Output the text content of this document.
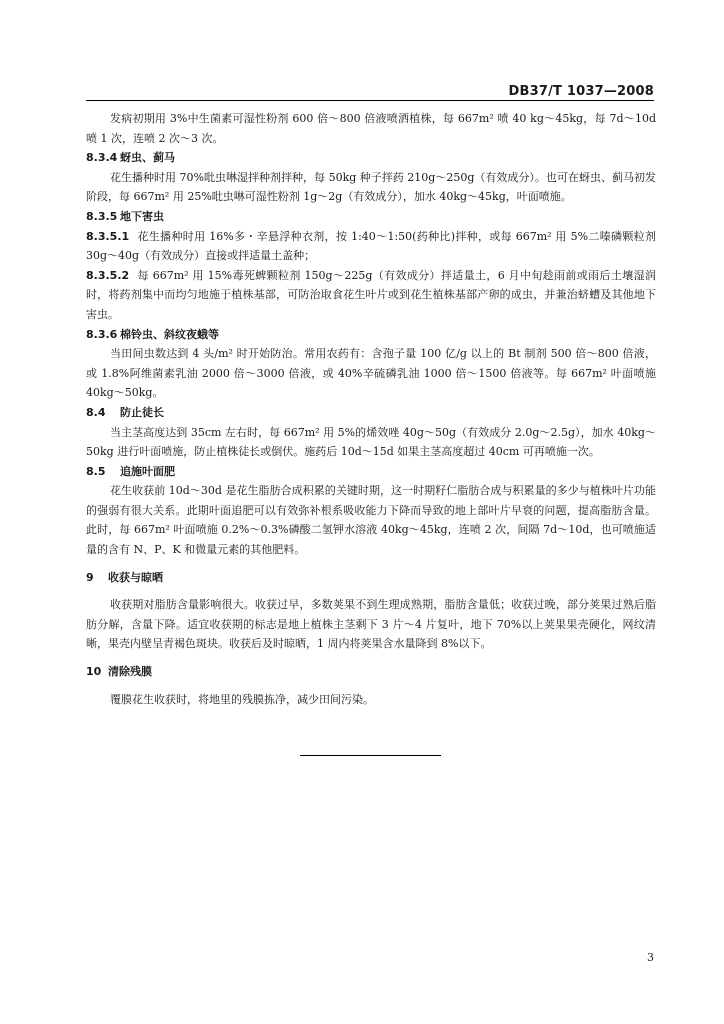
DB37/T 1037—2008

发病初期用 3%中生菌素可湿性粉剂 600 倍～800 倍液喷洒植株，每 667m² 喷 40 kg～45kg，每 7d～10d 喷 1 次，连喷 2 次～3 次。

8.3.4 蚜虫、蓟马

花生播种时用 70%吡虫啉湿拌种剂拌种，每 50kg 种子拌药 210g～250g（有效成分）。也可在蚜虫、蓟马初发阶段，每 667m² 用 25%吡虫啉可湿性粉剂 1g～2g（有效成分），加水 40kg～45kg，叶面喷施。

8.3.5 地下害虫

8.3.5.1 花生播种时用 16%多・辛悬浮种衣剂，按 1:40～1:50(药种比)拌种，或每 667m² 用 5%二嗪磷颗粒剂 30g～40g（有效成分）直接或拌适量土盖种；

8.3.5.2 每 667m² 用 15%毒死蜱颗粒剂 150g～225g（有效成分）拌适量土，6 月中旬趁雨前或雨后土壤湿润时，将药剂集中而均匀地施于植株基部，可防治取食花生叶片或到花生植株基部产卵的成虫，并兼治蛴螬及其他地下害虫。

8.3.6 棉铃虫、斜纹夜蛾等

当田间虫数达到 4 头/m² 时开始防治。常用农药有：含孢子量 100 亿/g 以上的 Bt 制剂 500 倍～800 倍液，或 1.8%阿维菌素乳油 2000 倍～3000 倍液，或 40%辛硫磷乳油 1000 倍～1500 倍液等。每 667m² 叶面喷施 40kg～50kg。

8.4 防止徒长

当主茎高度达到 35cm 左右时，每 667m² 用 5%的烯效唑 40g～50g（有效成分 2.0g～2.5g），加水 40kg～50kg 进行叶面喷施，防止植株徒长或倒伏。施药后 10d～15d 如果主茎高度超过 40cm 可再喷施一次。

8.5 追施叶面肥

花生收获前 10d～30d 是花生脂肪合成积累的关键时期，这一时期籽仁脂肪合成与积累量的多少与植株叶片功能的强弱有很大关系。此期叶面追肥可以有效弥补根系吸收能力下降而导致的地上部叶片早衰的问题，提高脂肪含量。此时，每 667m² 叶面喷施 0.2%～0.3%磷酸二氢钾水溶液 40kg～45kg，连喷 2 次，间隔 7d～10d，也可喷施适量的含有 N、P、K 和微量元素的其他肥料。

9 收获与晾晒

收获期对脂肪含量影响很大。收获过早，多数荚果不到生理成熟期，脂肪含量低；收获过晚，部分荚果过熟后脂肪分解，含量下降。适宜收获期的标志是地上植株主茎剩下 3 片～4 片复叶，地下 70%以上荚果果壳硬化，网纹清晰，果壳内壁呈青褐色斑块。收获后及时晾晒，1 周内将荚果含水量降到 8%以下。

10 清除残膜

覆膜花生收获时，将地里的残膜拣净，减少田间污染。

3
